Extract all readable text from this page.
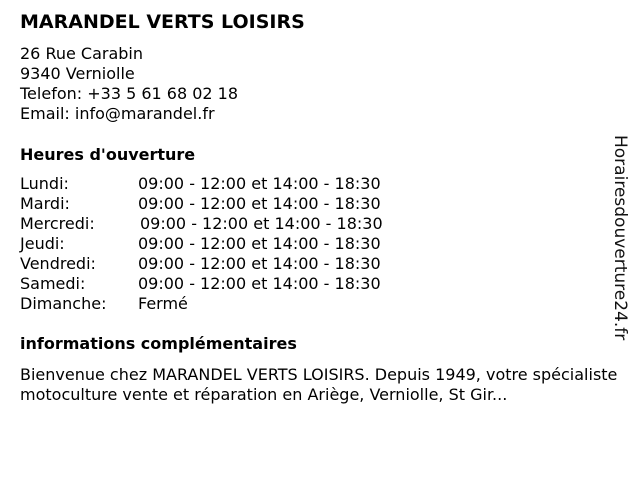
MARANDEL VERTS LOISIRS
26 Rue Carabin
9340 Verniolle
Telefon: +33 5 61 68 02 18
Email: info@marandel.fr
Heures d'ouverture
Lundi:	09:00 - 12:00 et 14:00 - 18:30
Mardi:	09:00 - 12:00 et 14:00 - 18:30
Mercredi:	09:00 - 12:00 et 14:00 - 18:30
Jeudi:	09:00 - 12:00 et 14:00 - 18:30
Vendredi:	09:00 - 12:00 et 14:00 - 18:30
Samedi:	09:00 - 12:00 et 14:00 - 18:30
Dimanche: Fermé
informations complémentaires
Bienvenue chez MARANDEL VERTS LOISIRS. Depuis 1949, votre spécialiste motoculture vente et réparation en Ariège, Verniolle, St Gir...
Horairesdouverture24.fr
